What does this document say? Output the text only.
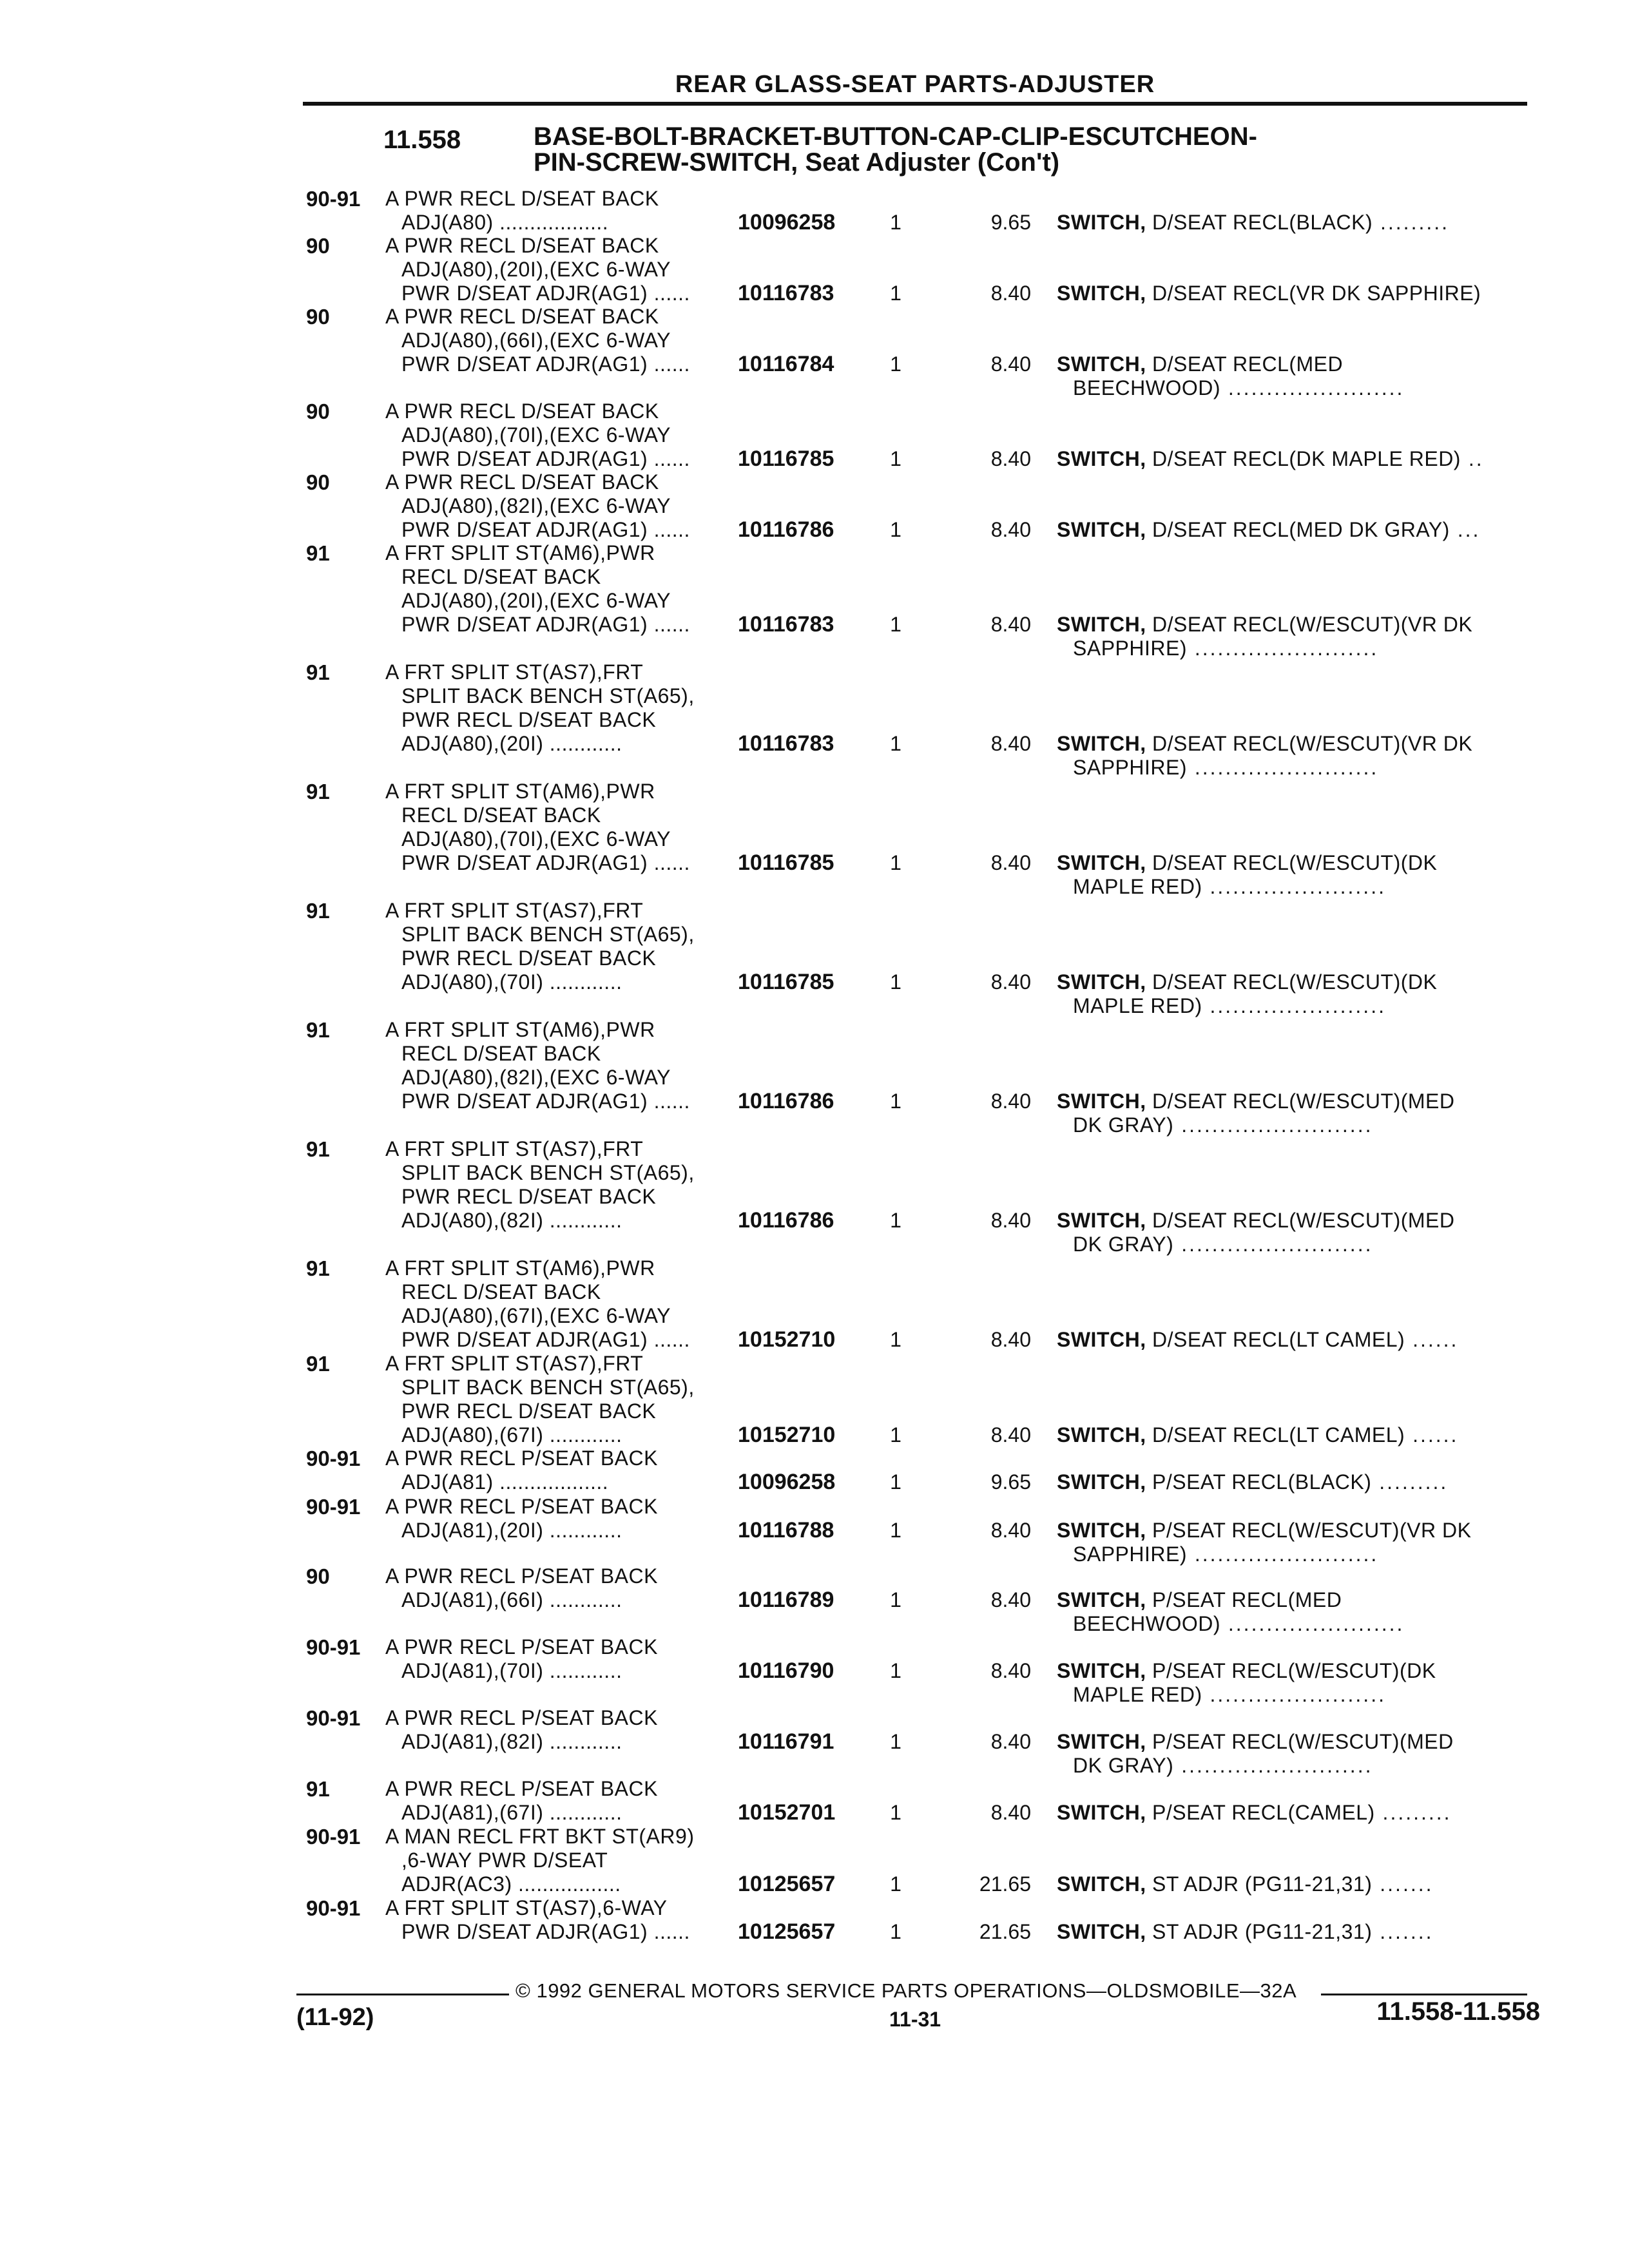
REAR GLASS-SEAT PARTS-ADJUSTER
11.558	BASE-BOLT-BRACKET-BUTTON-CAP-CLIP-ESCUTCHEON-
PIN-SCREW-SWITCH, Seat Adjuster (Con't)
90-91	A PWR RECL D/SEAT BACK
ADJ(A80) ..................	10096258	1	9.65 SWITCH, D/SEAT RECL(BLACK) .........
90	A PWR RECL D/SEAT BACK
ADJ(A80),(20I),(EXC 6-WAY
PWR D/SEAT ADJR(AG1) ......	10116783	1	8.40 SWITCH, D/SEAT RECL(VR DK SAPPHIRE)
90	A PWR RECL D/SEAT BACK
ADJ(A80),(66I),(EXC 6-WAY
PWR D/SEAT ADJR(AG1) ......	10116784	1	8.40 SWITCH, D/SEAT RECL(MED
BEECHWOOD) .......................
90	A PWR RECL D/SEAT BACK
ADJ(A80),(70I),(EXC 6-WAY
PWR D/SEAT ADJR(AG1) ......	10116785	1	8.40 SWITCH, D/SEAT RECL(DK MAPLE RED) ..
90	A PWR RECL D/SEAT BACK
ADJ(A80),(82I),(EXC 6-WAY
PWR D/SEAT ADJR(AG1) ......	10116786	1	8.40 SWITCH, D/SEAT RECL(MED DK GRAY) ...
91	A FRT SPLIT ST(AM6),PWR
RECL D/SEAT BACK
ADJ(A80),(20I),(EXC 6-WAY
PWR D/SEAT ADJR(AG1) ......	10116783	1	8.40 SWITCH, D/SEAT RECL(W/ESCUT)(VR DK
SAPPHIRE) ........................
91	A FRT SPLIT ST(AS7),FRT
SPLIT BACK BENCH ST(A65),
PWR RECL D/SEAT BACK
ADJ(A80),(20I) ............	10116783	1	8.40 SWITCH, D/SEAT RECL(W/ESCUT)(VR DK
SAPPHIRE) ........................
91	A FRT SPLIT ST(AM6),PWR
RECL D/SEAT BACK
ADJ(A80),(70I),(EXC 6-WAY
PWR D/SEAT ADJR(AG1) ......	10116785	1	8.40 SWITCH, D/SEAT RECL(W/ESCUT)(DK
MAPLE RED) .......................
91	A FRT SPLIT ST(AS7),FRT
SPLIT BACK BENCH ST(A65),
PWR RECL D/SEAT BACK
ADJ(A80),(70I) ............	10116785	1	8.40 SWITCH, D/SEAT RECL(W/ESCUT)(DK
MAPLE RED) .......................
91	A FRT SPLIT ST(AM6),PWR
RECL D/SEAT BACK
ADJ(A80),(82I),(EXC 6-WAY
PWR D/SEAT ADJR(AG1) ......	10116786	1	8.40 SWITCH, D/SEAT RECL(W/ESCUT)(MED
DK GRAY) .........................
91	A FRT SPLIT ST(AS7),FRT
SPLIT BACK BENCH ST(A65),
PWR RECL D/SEAT BACK
ADJ(A80),(82I) ............	10116786	1	8.40 SWITCH, D/SEAT RECL(W/ESCUT)(MED
DK GRAY) .........................
91	A FRT SPLIT ST(AM6),PWR
RECL D/SEAT BACK
ADJ(A80),(67I),(EXC 6-WAY
PWR D/SEAT ADJR(AG1) ......	10152710	1	8.40 SWITCH, D/SEAT RECL(LT CAMEL) ......
91	A FRT SPLIT ST(AS7),FRT
SPLIT BACK BENCH ST(A65),
PWR RECL D/SEAT BACK
ADJ(A80),(67I) ............	10152710	1	8.40 SWITCH, D/SEAT RECL(LT CAMEL) ......
90-91	A PWR RECL P/SEAT BACK
ADJ(A81) ..................	10096258	1	9.65 SWITCH, P/SEAT RECL(BLACK) .........
90-91	A PWR RECL P/SEAT BACK
ADJ(A81),(20I) ............	10116788	1	8.40 SWITCH, P/SEAT RECL(W/ESCUT)(VR DK
SAPPHIRE) ........................
90	A PWR RECL P/SEAT BACK
ADJ(A81),(66I) ............	10116789	1	8.40 SWITCH, P/SEAT RECL(MED
BEECHWOOD) .......................
90-91	A PWR RECL P/SEAT BACK
ADJ(A81),(70I) ............	10116790	1	8.40 SWITCH, P/SEAT RECL(W/ESCUT)(DK
MAPLE RED) .......................
90-91	A PWR RECL P/SEAT BACK
ADJ(A81),(82I) ............	10116791	1	8.40 SWITCH, P/SEAT RECL(W/ESCUT)(MED
DK GRAY) .........................
91	A PWR RECL P/SEAT BACK
ADJ(A81),(67I) ............	10152701	1	8.40 SWITCH, P/SEAT RECL(CAMEL) .........
90-91	A MAN RECL FRT BKT ST(AR9)
,6-WAY PWR D/SEAT
ADJR(AC3) .................	10125657	1	21.65 SWITCH, ST ADJR (PG11-21,31) .......
90-91	A FRT SPLIT ST(AS7),6-WAY
PWR D/SEAT ADJR(AG1) ......	10125657	1	21.65 SWITCH, ST ADJR (PG11-21,31) .......
© 1992 GENERAL MOTORS SERVICE PARTS OPERATIONS—OLDSMOBILE—32A
(11-92)	11-31	11.558-11.558
